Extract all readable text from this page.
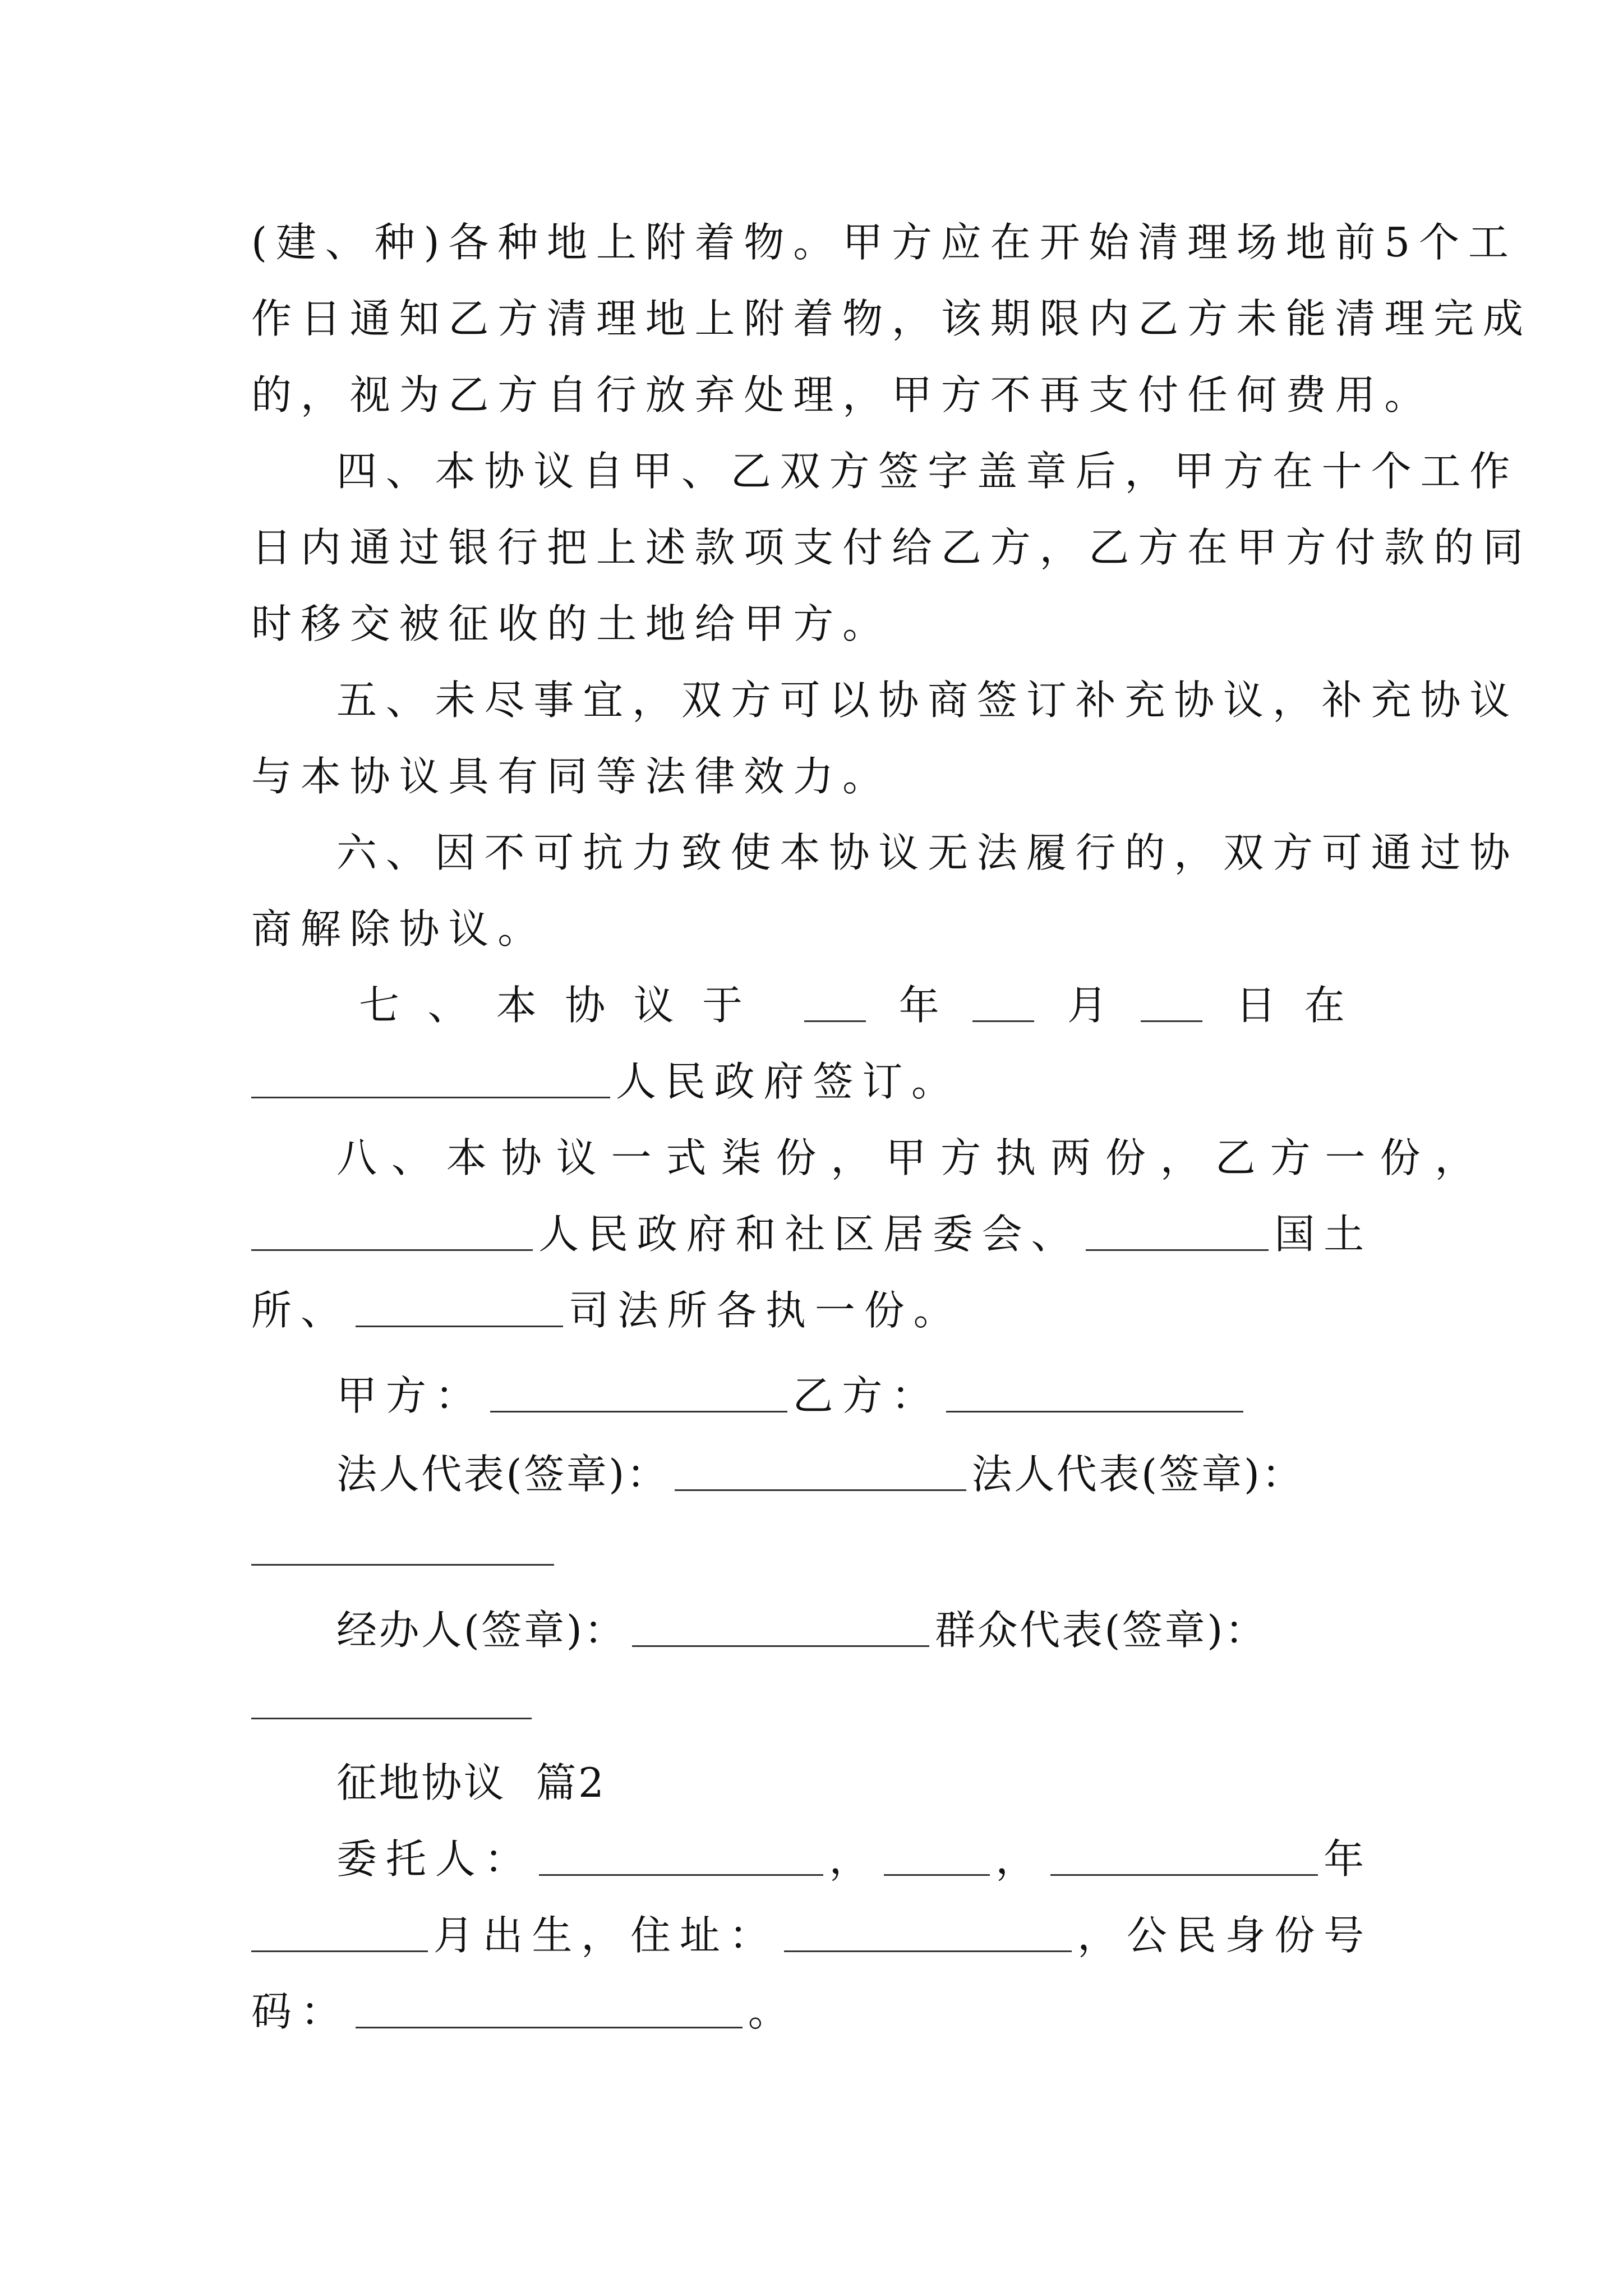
(建、种)各种地上附着物。甲方应在开始清理场地前5个工
作日通知乙方清理地上附着物，该期限内乙方未能清理完成
的，视为乙方自行放弃处理，甲方不再支付任何费用。
四、本协议自甲、乙双方签字盖章后，甲方在十个工作
日内通过银行把上述款项支付给乙方，乙方在甲方付款的同
时移交被征收的土地给甲方。
五、未尽事宜，双方可以协商签订补充协议，补充协议
与本协议具有同等法律效力。
六、因不可抗力致使本协议无法履行的，双方可通过协
商解除协议。
七、本协议于	年	月	日在
人民政府签订。
八、本协议一式柒份，甲方执两份，乙方一份，
人民政府和社区居委会、	国土
所、	司法所各执一份。
甲方：	乙方：
法人代表(签章)：	法人代表(签章)：
经办人(签章)：	群众代表(签章)：
征地协议  篇2
委托人：	，	，	年
月出生，住址：	，公民身份号
码：	。
